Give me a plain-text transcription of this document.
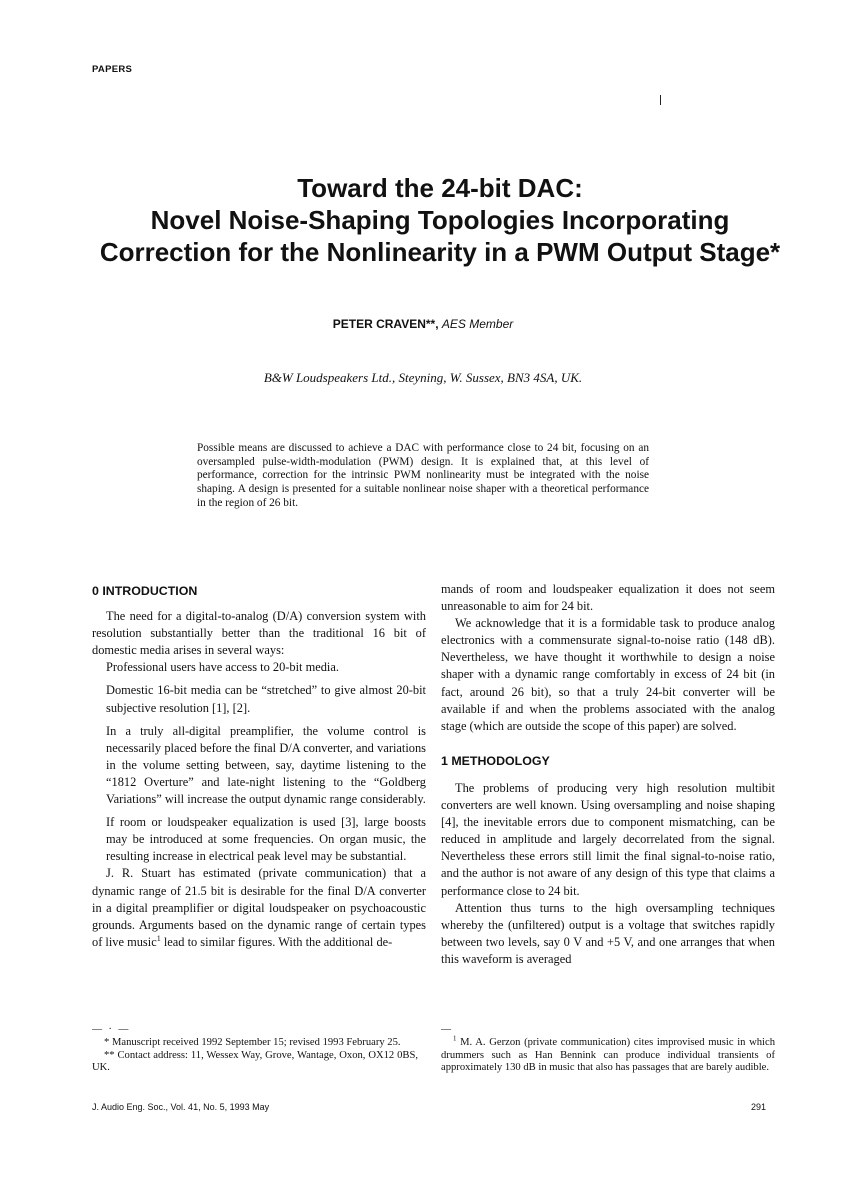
PAPERS
Toward the 24-bit DAC:
Novel Noise-Shaping Topologies Incorporating
Correction for the Nonlinearity in a PWM Output Stage*
PETER CRAVEN**, AES Member
B&W Loudspeakers Ltd., Steyning, W. Sussex, BN3 4SA, UK.
Possible means are discussed to achieve a DAC with performance close to 24 bit, focusing on an oversampled pulse-width-modulation (PWM) design. It is explained that, at this level of performance, correction for the intrinsic PWM nonlinearity must be integrated with the noise shaping. A design is presented for a suitable nonlinear noise shaper with a theoretical performance in the region of 26 bit.
0 INTRODUCTION

The need for a digital-to-analog (D/A) conversion system with resolution substantially better than the traditional 16 bit of domestic media arises in several ways:

Professional users have access to 20-bit media.

Domestic 16-bit media can be “stretched” to give almost 20-bit subjective resolution [1], [2].

In a truly all-digital preamplifier, the volume control is necessarily placed before the final D/A converter, and variations in the volume setting between, say, daytime listening to the “1812 Overture” and late-night listening to the “Goldberg Variations” will increase the output dynamic range considerably.

If room or loudspeaker equalization is used [3], large boosts may be introduced at some frequencies. On organ music, the resulting increase in electrical peak level may be substantial.

J. R. Stuart has estimated (private communication) that a dynamic range of 21.5 bit is desirable for the final D/A converter in a digital preamplifier or digital loudspeaker on psychoacoustic grounds. Arguments based on the dynamic range of certain types of live music$^1$ lead to similar figures. With the additional de-

mands of room and loudspeaker equalization it does not seem unreasonable to aim for 24 bit.

We acknowledge that it is a formidable task to produce analog electronics with a commensurate signal-to-noise ratio (148 dB). Nevertheless, we have thought it worthwhile to design a noise shaper with a dynamic range comfortably in excess of 24 bit (in fact, around 26 bit), so that a truly 24-bit converter will be available if and when the problems associated with the analog stage (which are outside the scope of this paper) are solved.

1 METHODOLOGY

The problems of producing very high resolution multibit converters are well known. Using oversampling and noise shaping [4], the inevitable errors due to component mismatching, can be reduced in amplitude and largely decorrelated from the signal. Nevertheless these errors still limit the final signal-to-noise ratio, and the author is not aware of any design of this type that claims a performance close to 24 bit.

Attention thus turns to the high oversampling techniques whereby the (unfiltered) output is a voltage that switches rapidly between two levels, say 0 V and +5 V, and one arranges that when this waveform is averaged

— · —

* Manuscript received 1992 September 15; revised 1993 February 25.

** Contact address: 11, Wessex Way, Grove, Wantage, Oxon, OX12 0BS, UK.

—

$^1$ M. A. Gerzon (private communication) cites improvised music in which drummers such as Han Bennink can produce individual transients of approximately 130 dB in music that also has passages that are barely audible.

J. Audio Eng. Soc., Vol. 41, No. 5, 1993 May	291
